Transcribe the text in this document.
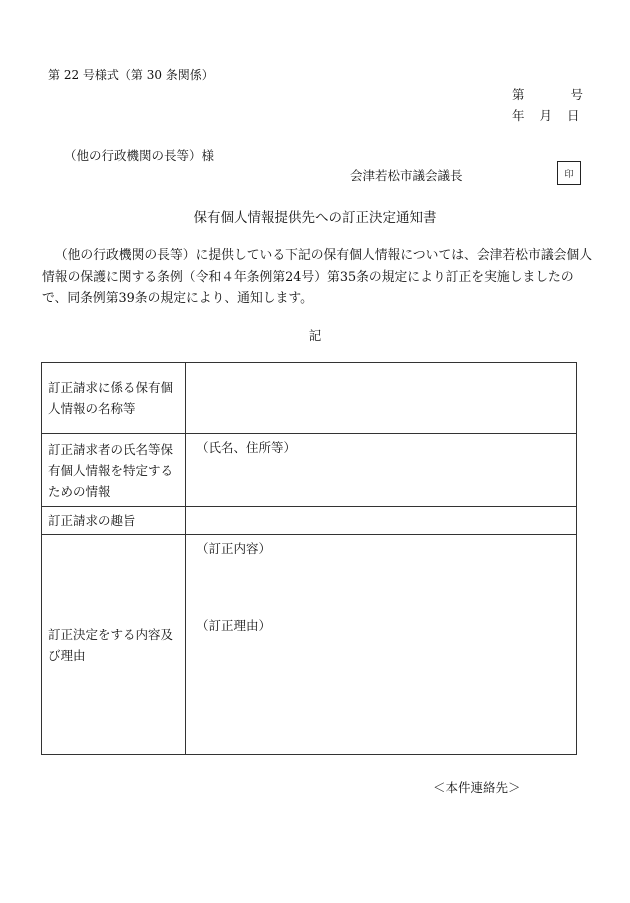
第 22 号様式（第 30 条関係）
第	号
年 月 日
（他の行政機関の長等）様
会津若松市議会議長	印
保有個人情報提供先への訂正決定通知書
（他の行政機関の長等）に提供している下記の保有個人情報については、会津若松市議会個人情報の保護に関する条例（令和４年条例第24号）第35条の規定により訂正を実施しましたので、同条例第39条の規定により、通知します。
記
訂正請求に係る保有個人情報の名称等	
訂正請求者の氏名等保有個人情報を特定するための情報	（氏名、住所等）
訂正請求の趣旨	
訂正決定をする内容及び理由	（訂正内容）
（訂正理由）
＜本件連絡先＞
